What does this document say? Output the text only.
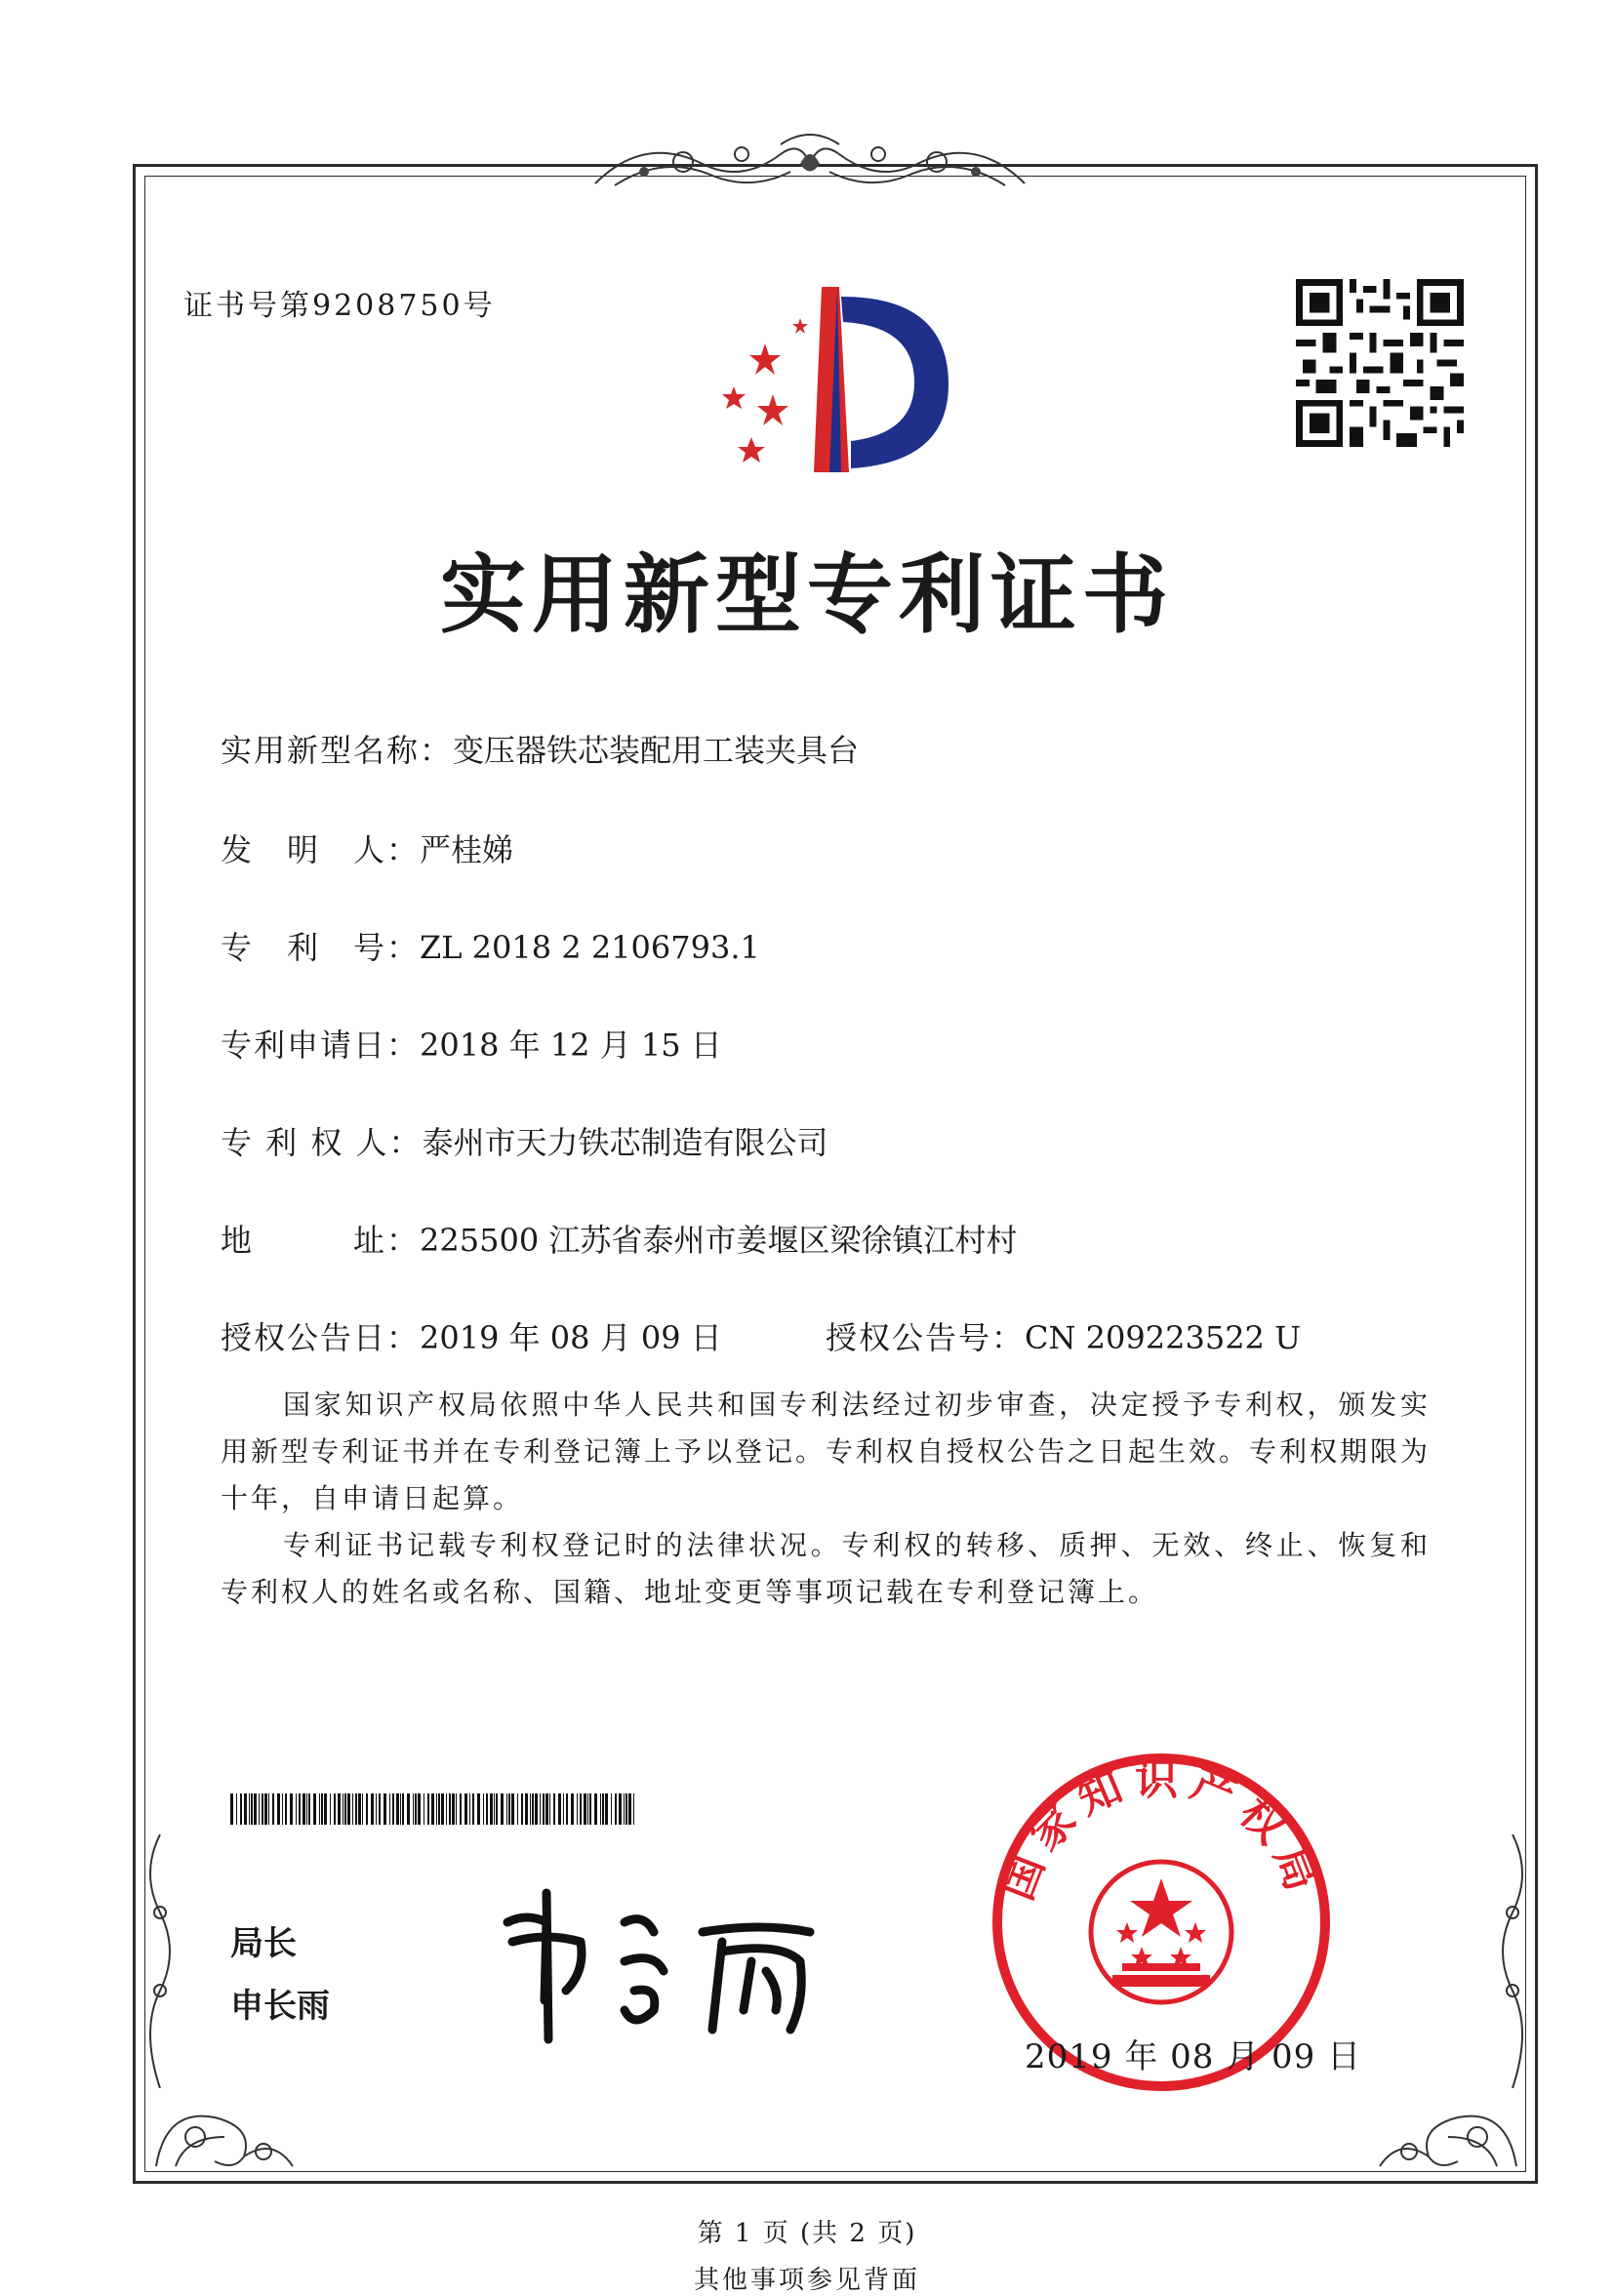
证书号第9208750号
实用新型专利证书
实用新型名称：变压器铁芯装配用工装夹具台
发　明　人：严桂娣
专　利　号：ZL 2018 2 2106793.1
专利申请日：2018 年 12 月 15 日
专 利 权 人：泰州市天力铁芯制造有限公司
地　　　址：225500 江苏省泰州市姜堰区梁徐镇江村村
授权公告日：2019 年 08 月 09 日	授权公告号：CN 209223522 U

国家知识产权局依照中华人民共和国专利法经过初步审查，决定授予专利权，颁发实用新型专利证书并在专利登记簿上予以登记。专利权自授权公告之日起生效。专利权期限为十年，自申请日起算。

专利证书记载专利权登记时的法律状况。专利权的转移、质押、无效、终止、恢复和专利权人的姓名或名称、国籍、地址变更等事项记载在专利登记簿上。

局长
申长雨
国家知识产权局
2019 年 08 月 09 日
第 1 页 (共 2 页)
其他事项参见背面
